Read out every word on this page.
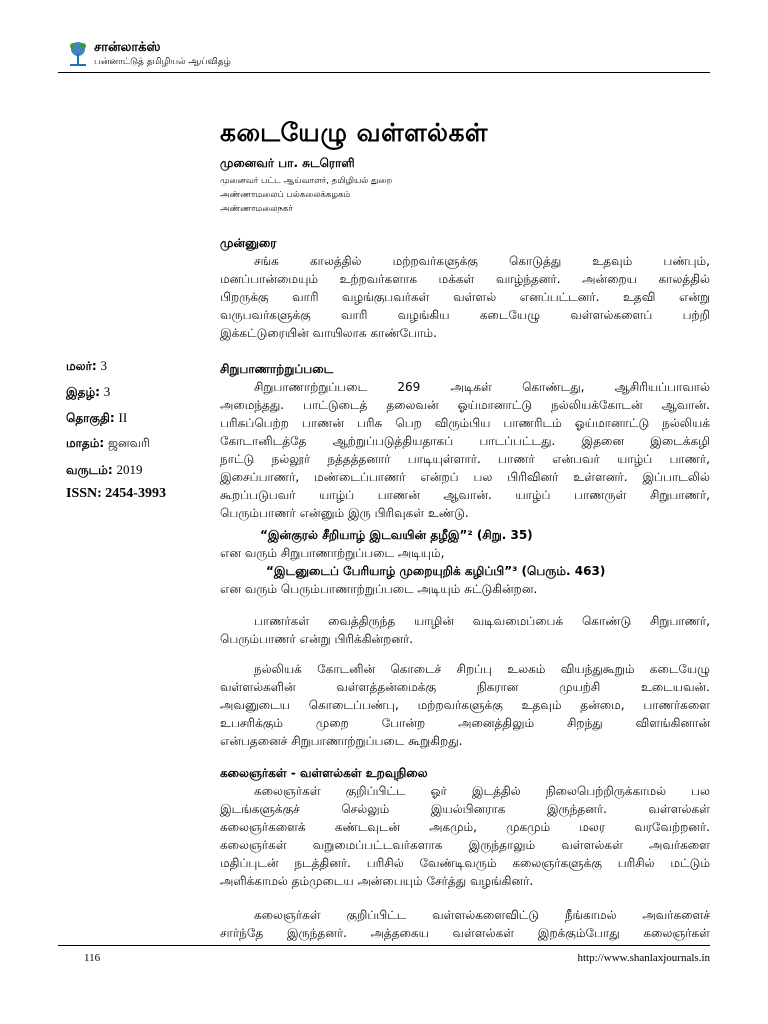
சான்லாக்ஸ்
பன்னாட்டுத் தமிழியல் ஆய்விதழ்
கடையேழு வள்ளல்கள்
முனைவர் பா. சுடரொளி
முனைவர் பட்ட ஆய்வாளர், தமிழியல் துறை
அண்ணாமலைப் பல்கலைக்கழகம்
அண்ணாமலைநகர்
முன்னுரை
சங்க காலத்தில் மற்றவர்களுக்கு கொடுத்து உதவும் பண்பும்,
மனப்பான்மையும் உற்றவர்களாக மக்கள் வாழ்ந்தனர். அன்றைய காலத்தில்
பிறருக்கு வாரி வழங்குபவர்கள் வள்ளல் எனப்பட்டனர். உதவி என்று
வருபவர்களுக்கு வாரி வழங்கிய கடையேழு வள்ளல்களைப் பற்றி
இக்கட்டுரையின் வாயிலாக காண்போம்.
மலர்: 3
இதழ்: 3
தொகுதி: II
மாதம்: ஜனவரி
வருடம்: 2019
ISSN: 2454-3993
சிறுபாணாற்றுப்படை
சிறுபாணாற்றுப்படை 269 அடிகள் கொண்டது, ஆசிரியப்பாவால்
அமைந்தது. பாட்டுடைத் தலைவன் ஓய்மானாட்டு நல்லியக்கோடன் ஆவான்.
பரிசுப்பெற்ற பாணன் பரிசு பெற விரும்பிய பாணரிடம் ஓய்மானாட்டு நல்லியக்
கோடானிடத்தே ஆற்றுப்படுத்தியதாகப் பாடப்பட்டது. இதனை இடைக்கழி
நாட்டு நல்லூர் நத்தத்தனார் பாடியுள்ளார். பாணர் என்பவர் யாழ்ப் பாணர்,
இசைப்பாணர், மண்டைப்பாணர் என்றப் பல பிரிவினர் உள்ளனர். இப்பாடலில்
கூறப்படுபவர் யாழ்ப் பாணன் ஆவான். யாழ்ப் பாணருள் சிறுபாணர்,
பெரும்பாணர் என்னும் இரு பிரிவுகள் உண்டு.
“இன்குரல் சீறியாழ் இடவயின் தழீஇ”² (சிறு. 35)
என வரும் சிறுபாணாற்றுப்படை அடியும்,
“இடனுடைப் பேரியாழ் முறையுறிக் கழிப்பி”³ (பெரும். 463)
என வரும் பெரும்பாணாற்றுப்படை அடியும் சுட்டுகின்றன.
பாணர்கள் வைத்திருந்த யாழின் வடிவமைப்பைக் கொண்டு சிறுபாணர்,
பெரும்பாணர் என்று பிரிக்கின்றனர்.
நல்லியக் கோடனின் கொடைச் சிறப்பு உலகம் வியந்துகூறும் கடையேழு
வள்ளல்களின் வள்ளத்தன்மைக்கு நிகரான முயற்சி உடையவன்.
அவனுடைய கொடைப்பண்பு, மற்றவர்களுக்கு உதவும் தன்மை, பாணர்களை
உபசரிக்கும் முறை போன்ற அனைத்திலும் சிறந்து விளங்கினான்
என்பதனைச் சிறுபாணாற்றுப்படை கூறுகிறது.
கலைஞர்கள் - வள்ளல்கள் உறவுநிலை
கலைஞர்கள் குறிப்பிட்ட ஓர் இடத்தில் நிலைபெற்றிருக்காமல் பல
இடங்களுக்குச் செல்லும் இயல்பினராக இருந்தனர். வள்ளல்கள்
கலைஞர்களைக் கண்டவுடன் அகமும், முகமும் மலர வரவேற்றனர்.
கலைஞர்கள் வறுமைப்பட்டவர்களாக இருந்தாலும் வள்ளல்கள் அவர்களை
மதிப்புடன் நடத்தினர். பரிசில் வேண்டிவரும் கலைஞர்களுக்கு பரிசில் மட்டும்
அளிக்காமல் தம்முடைய அன்பையும் சேர்த்து வழங்கினர்.
கலைஞர்கள் குறிப்பிட்ட வள்ளல்களைவிட்டு நீங்காமல் அவர்களைச்
சார்ந்தே இருந்தனர். அத்தகைய வள்ளல்கள் இறக்கும்போது கலைஞர்கள்
116	http://www.shanlaxjournals.in
